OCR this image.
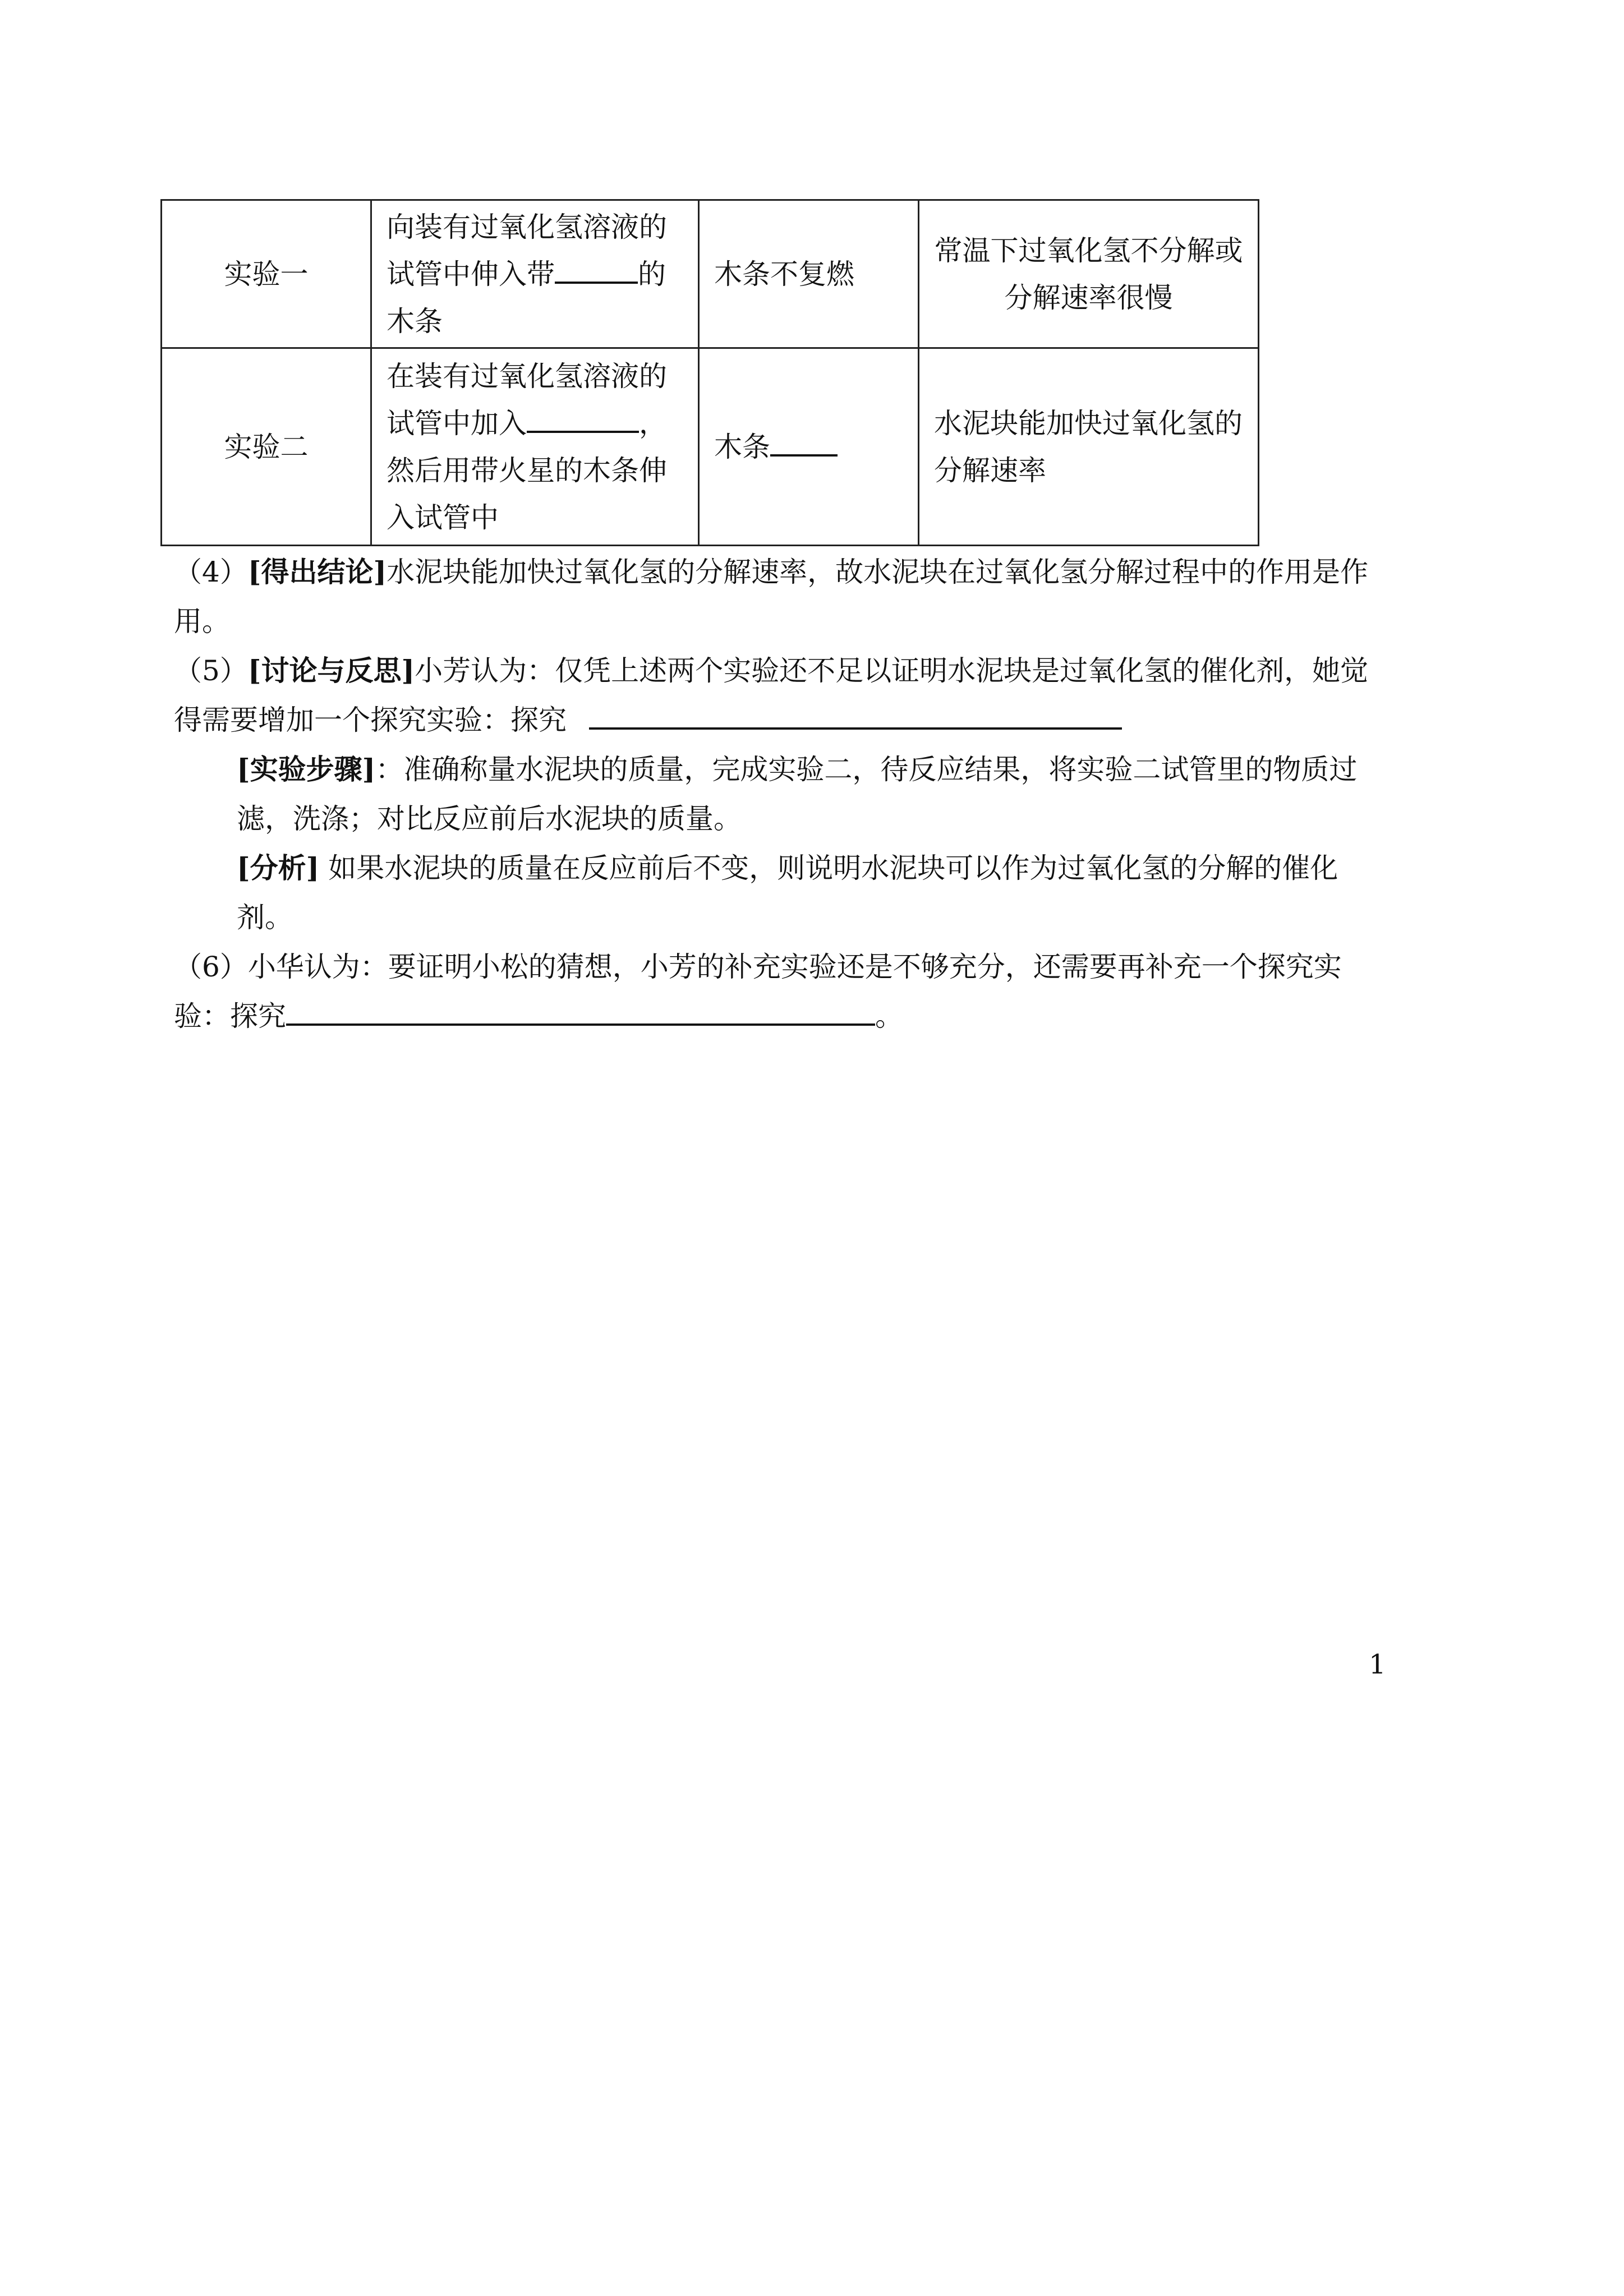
实验一	向装有过氧化氢溶液的试管中伸入带 的木条	木条不复燃	常温下过氧化氢不分解或分解速率很慢
实验二	在装有过氧化氢溶液的试管中加入 ，然后用带火星的木条伸入试管中	木条	水泥块能加快过氧化氢的分解速率
（4）[得出结论]水泥块能加快过氧化氢的分解速率，故水泥块在过氧化氢分解过程中的作用是作用。
（5）[讨论与反思]小芳认为：仅凭上述两个实验还不足以证明水泥块是过氧化氢的催化剂，她觉得需要增加一个探究实验：探究
[实验步骤]：准确称量水泥块的质量，完成实验二，待反应结果，将实验二试管里的物质过滤，洗涤；对比反应前后水泥块的质量。
[分析] 如果水泥块的质量在反应前后不变，则说明水泥块可以作为过氧化氢的分解的催化剂。
（6）小华认为：要证明小松的猜想，小芳的补充实验还是不够充分，还需要再补充一个探究实验：探究	。
1
